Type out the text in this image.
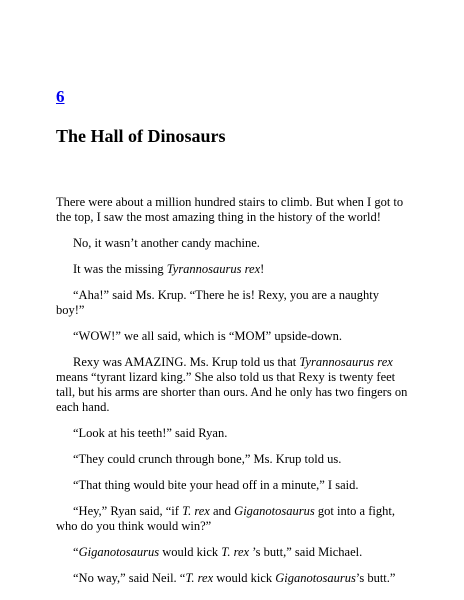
6
The Hall of Dinosaurs

There were about a million hundred stairs to climb. But when I got to the top, I saw the most amazing thing in the history of the world!

No, it wasn’t another candy machine.

It was the missing Tyrannosaurus rex!

“Aha!” said Ms. Krup. “There he is! Rexy, you are a naughty boy!”

“WOW!” we all said, which is “MOM” upside-down.

Rexy was AMAZING. Ms. Krup told us that Tyrannosaurus rex means “tyrant lizard king.” She also told us that Rexy is twenty feet tall, but his arms are shorter than ours. And he only has two fingers on each hand.

“Look at his teeth!” said Ryan.

“They could crunch through bone,” Ms. Krup told us.

“That thing would bite your head off in a minute,” I said.

“Hey,” Ryan said, “if T. rex and Giganotosaurus got into a fight, who do you think would win?”

“Giganotosaurus would kick T. rex ’s butt,” said Michael.

“No way,” said Neil. “T. rex would kick Giganotosaurus’s butt.”
